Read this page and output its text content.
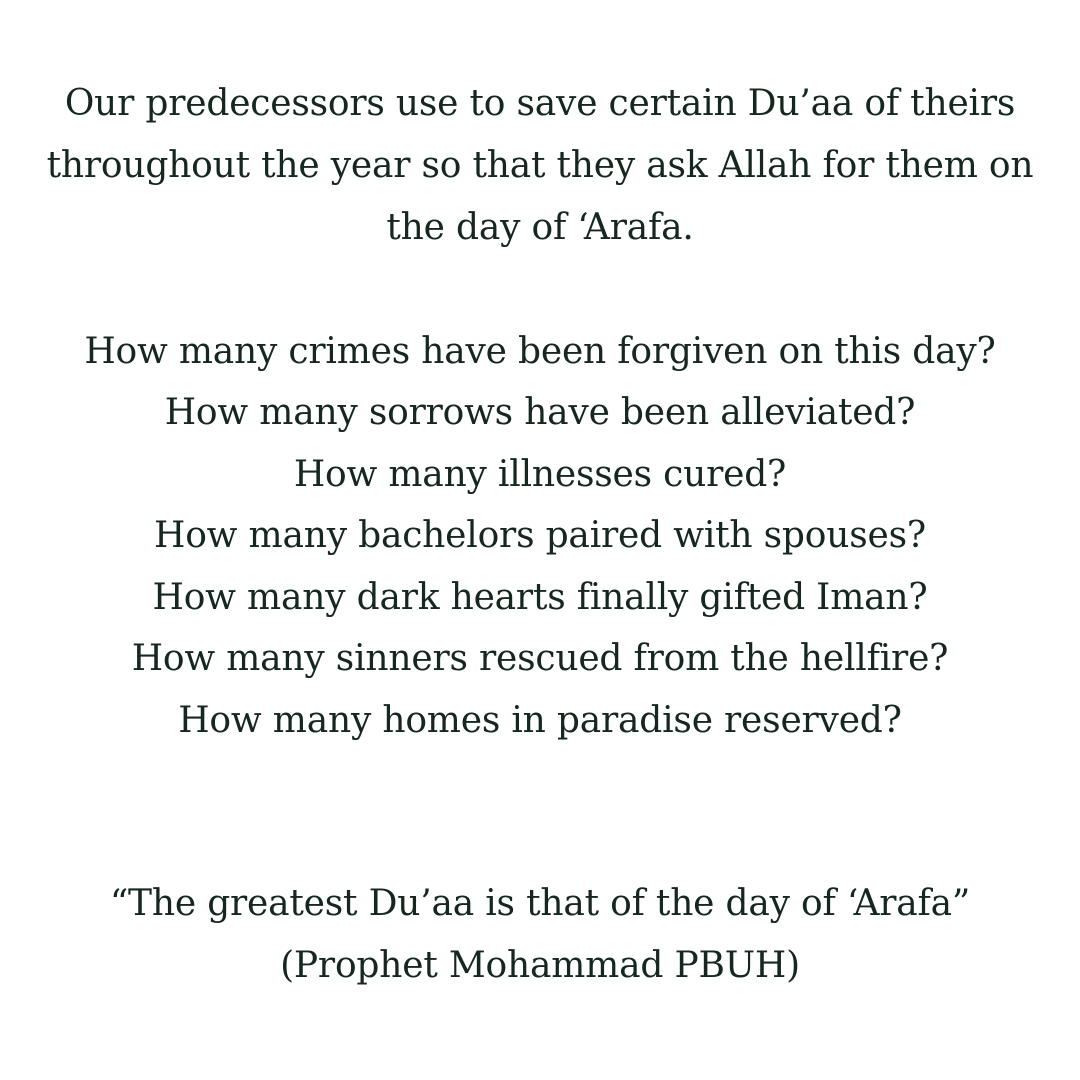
Our predecessors use to save certain Du’aa of theirs
throughout the year so that they ask Allah for them on
the day of ‘Arafa.
How many crimes have been forgiven on this day?
How many sorrows have been alleviated?
How many illnesses cured?
How many bachelors paired with spouses?
How many dark hearts finally gifted Iman?
How many sinners rescued from the hellfire?
How many homes in paradise reserved?
“The greatest Du’aa is that of the day of ‘Arafa”
(Prophet Mohammad PBUH)
